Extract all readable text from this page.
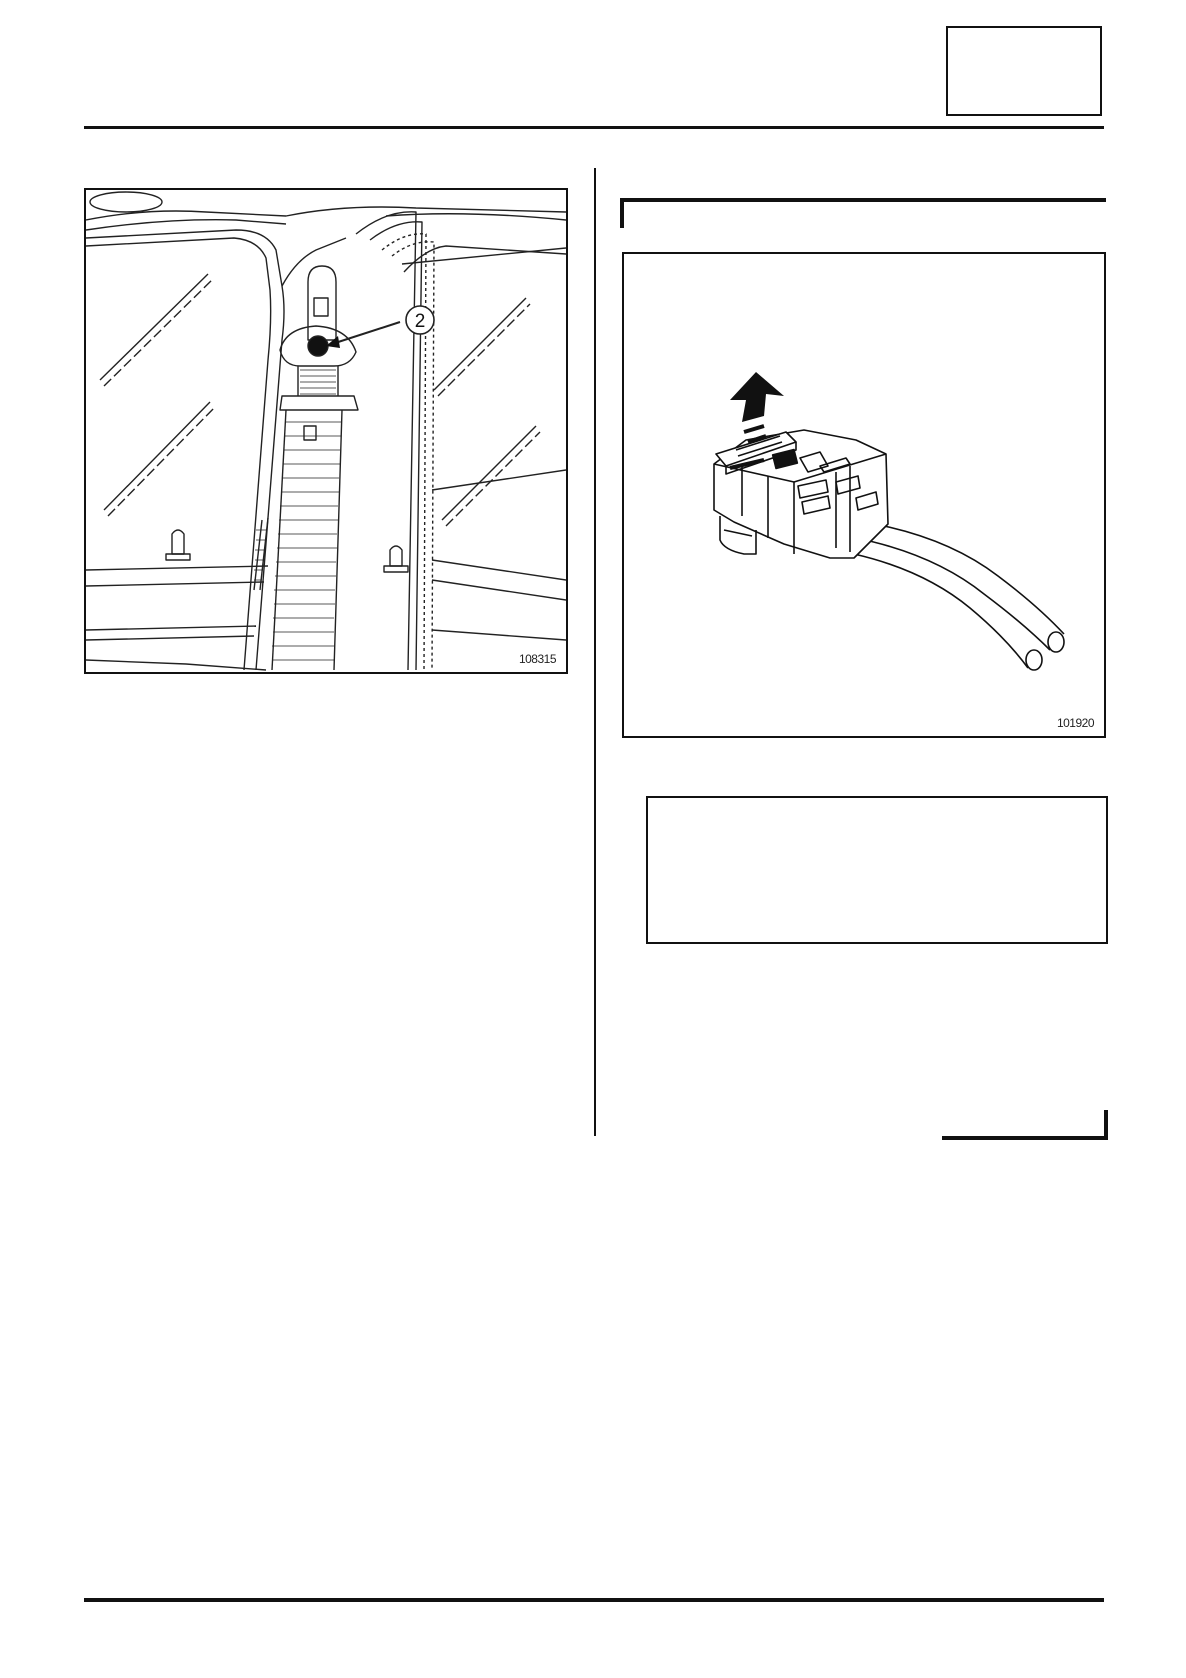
2
108315
101920
